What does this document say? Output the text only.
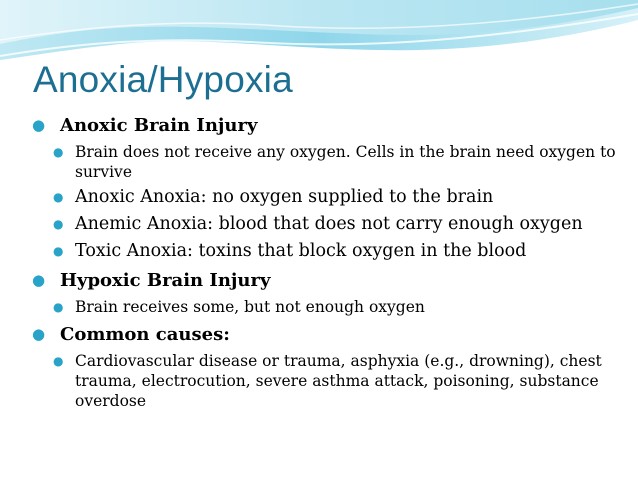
Anoxia/Hypoxia
● Anoxic Brain Injury
● Brain does not receive any oxygen. Cells in the brain need oxygen to survive
● Anoxic Anoxia: no oxygen supplied to the brain
● Anemic Anoxia: blood that does not carry enough oxygen
● Toxic Anoxia: toxins that block oxygen in the blood
● Hypoxic Brain Injury
● Brain receives some, but not enough oxygen
● Common causes:
● Cardiovascular disease or trauma, asphyxia (e.g., drowning), chest trauma, electrocution, severe asthma attack, poisoning, substance overdose
